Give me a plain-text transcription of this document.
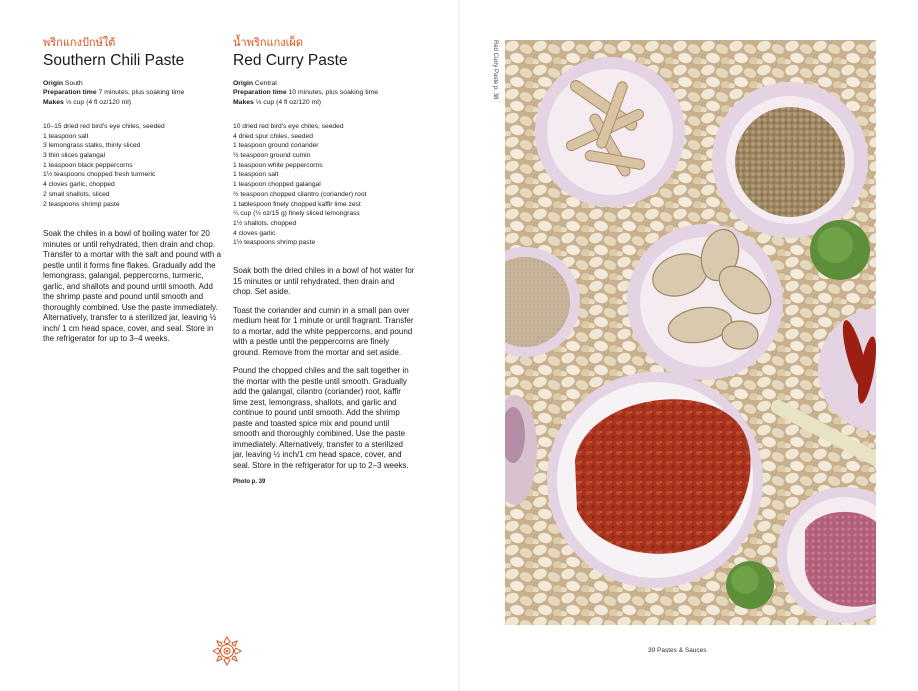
พริกแกงปักษ์ใต้
Southern Chili Paste
Origin South
Preparation time 7 minutes, plus soaking time
Makes ⅓ cup (4 fl oz/120 ml)
10–15 dried red bird's eye chiles, seeded
1 teaspoon salt
3 lemongrass stalks, thinly sliced
3 thin slices galangal
1 teaspoon black peppercorns
1½ teaspoons chopped fresh turmeric
4 cloves garlic, chopped
2 small shallots, sliced
2 teaspoons shrimp paste

Soak the chiles in a bowl of boiling water for 20 minutes or until rehydrated, then drain and chop. Transfer to a mortar with the salt and pound with a pestle until it forms fine flakes. Gradually add the lemongrass, galangal, peppercorns, turmeric, garlic, and shallots and pound until smooth. Add the shrimp paste and pound until smooth and thoroughly combined. Use the paste immediately. Alternatively, transfer to a sterilized jar, leaving ½ inch/ 1 cm head space, cover, and seal. Store in the refrigerator for up to 3–4 weeks.

น้ำพริกแกงเผ็ด
Red Curry Paste
Origin Central
Preparation time 10 minutes, plus soaking time
Makes ⅓ cup (4 fl oz/120 ml)
10 dried red bird's eye chiles, seeded
4 dried spur chiles, seeded
1 teaspoon ground coriander
½ teaspoon ground cumin
1 teaspoon white peppercorns
1 teaspoon salt
1 teaspoon chopped galangal
½ teaspoon chopped cilantro (coriander) root
1 tablespoon finely chopped kaffir lime zest
¼ cup (½ oz/15 g) finely sliced lemongrass
1½ shallots, chopped
4 cloves garlic
1½ teaspoons shrimp paste

Soak both the dried chiles in a bowl of hot water for 15 minutes or until rehydrated, then drain and chop. Set aside.

Toast the coriander and cumin in a small pan over medium heat for 1 minute or until fragrant. Transfer to a mortar, add the white peppercorns, and pound with a pestle until the peppercorns are finely ground. Remove from the mortar and set aside.

Pound the chopped chiles and the salt together in the mortar with the pestle until smooth. Gradually add the galangal, cilantro (coriander) root, kaffir lime zest, lemongrass, shallots, and garlic and continue to pound until smooth. Add the shrimp paste and toasted spice mix and pound until smooth and thoroughly combined. Use the paste immediately. Alternatively, transfer to a sterilized jar, leaving ½ inch/1 cm head space, cover, and seal. Store in the refrigerator for up to 2–3 weeks.

Photo p. 39
Red Curry Paste p. 38
39 Pastes & Sauces
